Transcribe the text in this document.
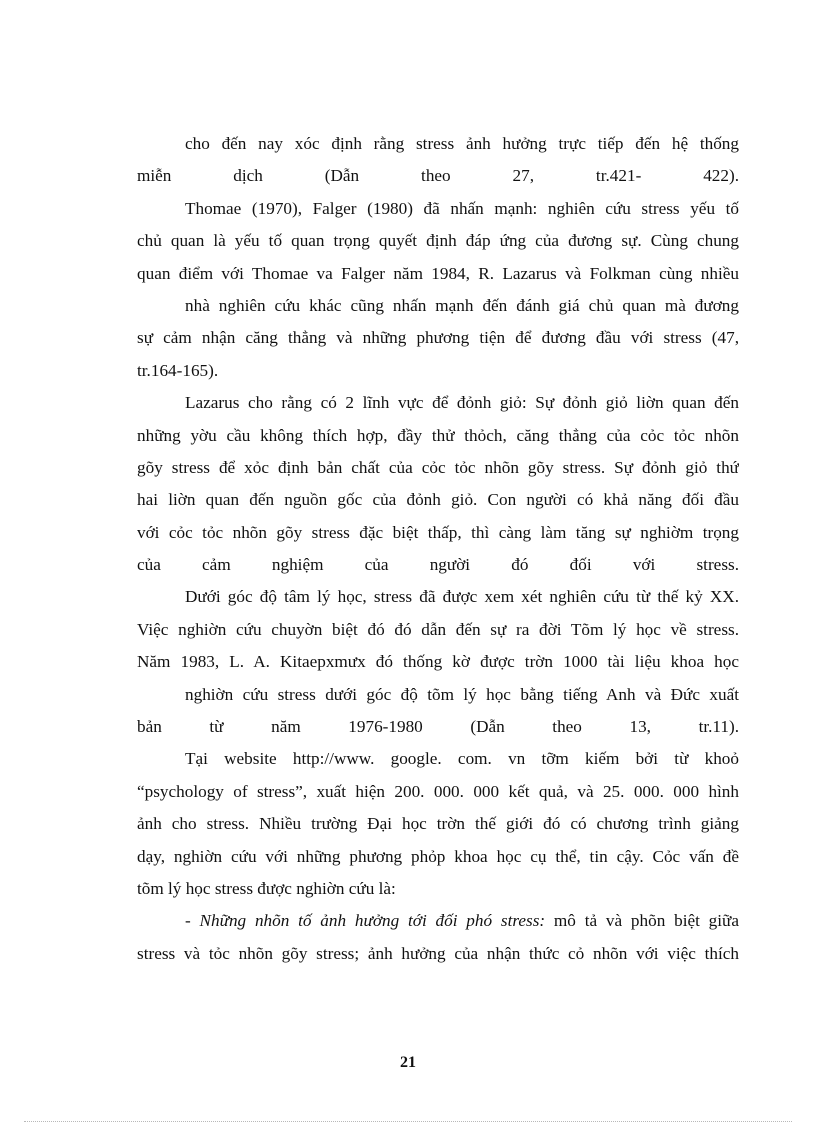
cho đến nay xóc định rằng stress ảnh hưởng trực tiếp đến hệ thống
miễn dịch (Dẫn theo 27, tr.421- 422).
Thomae (1970), Falger (1980) đã nhấn mạnh: nghiên cứu stress yếu tố
chủ quan là yếu tố quan trọng quyết định đáp ứng của đương sự. Cùng chung
quan điểm với Thomae va Falger năm 1984, R. Lazarus và Folkman cùng nhiều
nhà nghiên cứu khác cũng nhấn mạnh đến đánh giá chủ quan mà đương
sự cảm nhận căng thẳng và những phương tiện để đương đầu với stress (47,
tr.164-165).
Lazarus cho rằng có 2 lĩnh vực để đỏnh giỏ: Sự đỏnh giỏ liờn quan đến
những yờu cầu không thích hợp, đầy thử thỏch, căng thẳng của cỏc tỏc nhõn
gõy stress để xỏc định bản chất của cỏc tỏc nhõn gõy stress. Sự đỏnh giỏ thứ
hai liờn quan đến nguồn gốc của đỏnh giỏ. Con người có khả năng đối đầu
với cỏc tỏc nhõn gõy stress đặc biệt thấp, thì càng làm tăng sự nghiờm trọng
của cảm nghiệm của người đó đối với stress.
Dưới góc độ tâm lý học, stress đã được xem xét nghiên cứu từ thế kỷ XX.
Việc nghiờn cứu chuyờn biệt đó đó dẫn đến sự ra đời Tõm lý học về stress.
Năm 1983, L. A. Kitaepxmưx đó thống kờ được trờn 1000 tài liệu khoa học
nghiờn cứu stress dưới góc độ tõm lý học bằng tiếng Anh và Đức xuất
bản từ năm 1976-1980 (Dẫn theo 13, tr.11).
Tại website http://www. google. com. vn tỡm kiếm bởi từ khoỏ
“psychology of stress”, xuất hiện 200. 000. 000 kết quả, và 25. 000. 000 hình
ảnh cho stress. Nhiều trường Đại học trờn thế giới đó có chương trình giảng
dạy, nghiờn cứu với những phương phỏp khoa học cụ thể, tin cậy. Cỏc vấn đề
tõm lý học stress được nghiờn cứu là:
- Những nhõn tố ảnh hưởng tới đối phó stress: mô tả và phõn biệt giữa
stress và tỏc nhõn gõy stress; ảnh hưởng của nhận thức cỏ nhõn với việc thích
21
